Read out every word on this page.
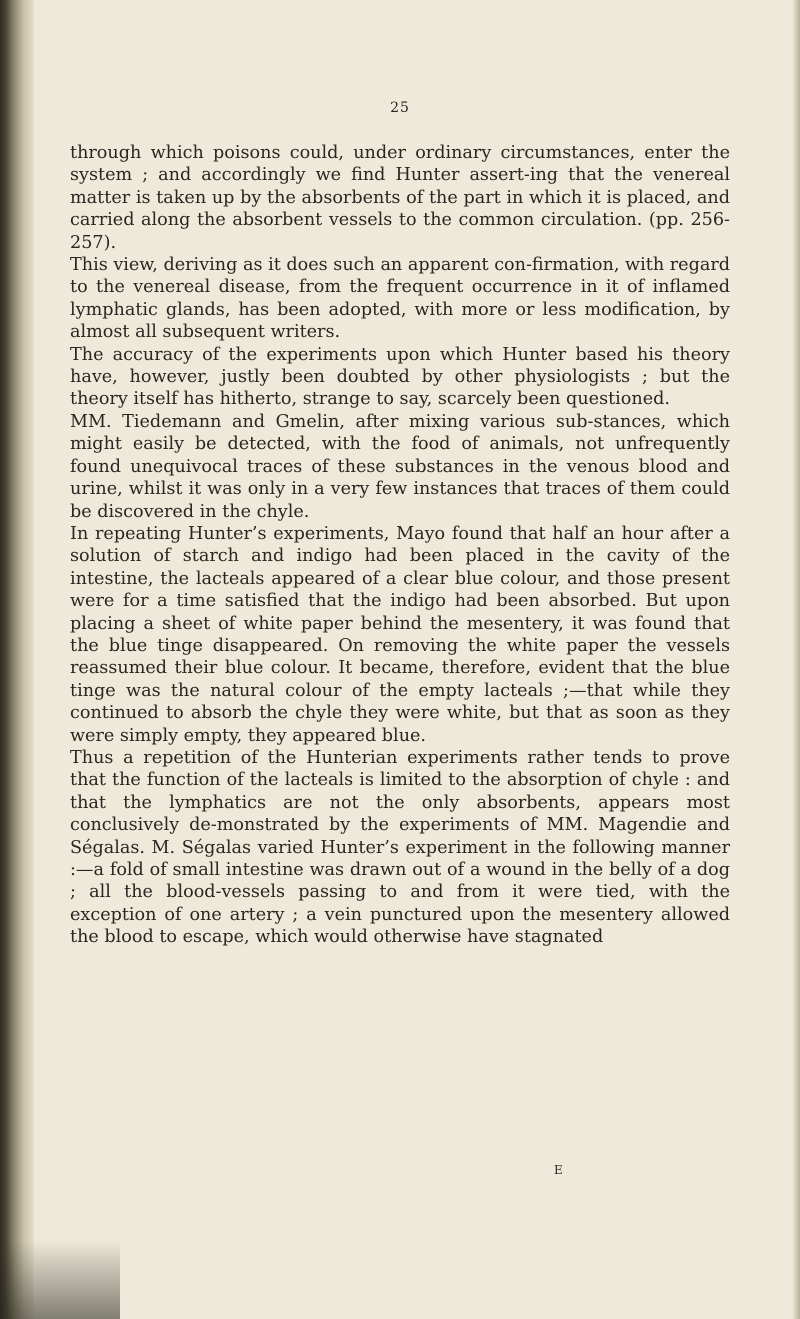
25

through which poisons could, under ordinary circumstances, enter the system ; and accordingly we find Hunter assert-ing that the venereal matter is taken up by the absorbents of the part in which it is placed, and carried along the absorbent vessels to the common circulation. (pp. 256-257).

This view, deriving as it does such an apparent con-firmation, with regard to the venereal disease, from the frequent occurrence in it of inflamed lymphatic glands, has been adopted, with more or less modification, by almost all subsequent writers.

The accuracy of the experiments upon which Hunter based his theory have, however, justly been doubted by other physiologists ; but the theory itself has hitherto, strange to say, scarcely been questioned.

MM. Tiedemann and Gmelin, after mixing various sub-stances, which might easily be detected, with the food of animals, not unfrequently found unequivocal traces of these substances in the venous blood and urine, whilst it was only in a very few instances that traces of them could be discovered in the chyle.

In repeating Hunter’s experiments, Mayo found that half an hour after a solution of starch and indigo had been placed in the cavity of the intestine, the lacteals appeared of a clear blue colour, and those present were for a time satisfied that the indigo had been absorbed. But upon placing a sheet of white paper behind the mesentery, it was found that the blue tinge disappeared. On removing the white paper the vessels reassumed their blue colour. It became, therefore, evident that the blue tinge was the natural colour of the empty lacteals ;—that while they continued to absorb the chyle they were white, but that as soon as they were simply empty, they appeared blue.

Thus a repetition of the Hunterian experiments rather tends to prove that the function of the lacteals is limited to the absorption of chyle : and that the lymphatics are not the only absorbents, appears most conclusively de-monstrated by the experiments of MM. Magendie and Ségalas. M. Ségalas varied Hunter’s experiment in the following manner :—a fold of small intestine was drawn out of a wound in the belly of a dog ; all the blood-vessels passing to and from it were tied, with the exception of one artery ; a vein punctured upon the mesentery allowed the blood to escape, which would otherwise have stagnated

E
